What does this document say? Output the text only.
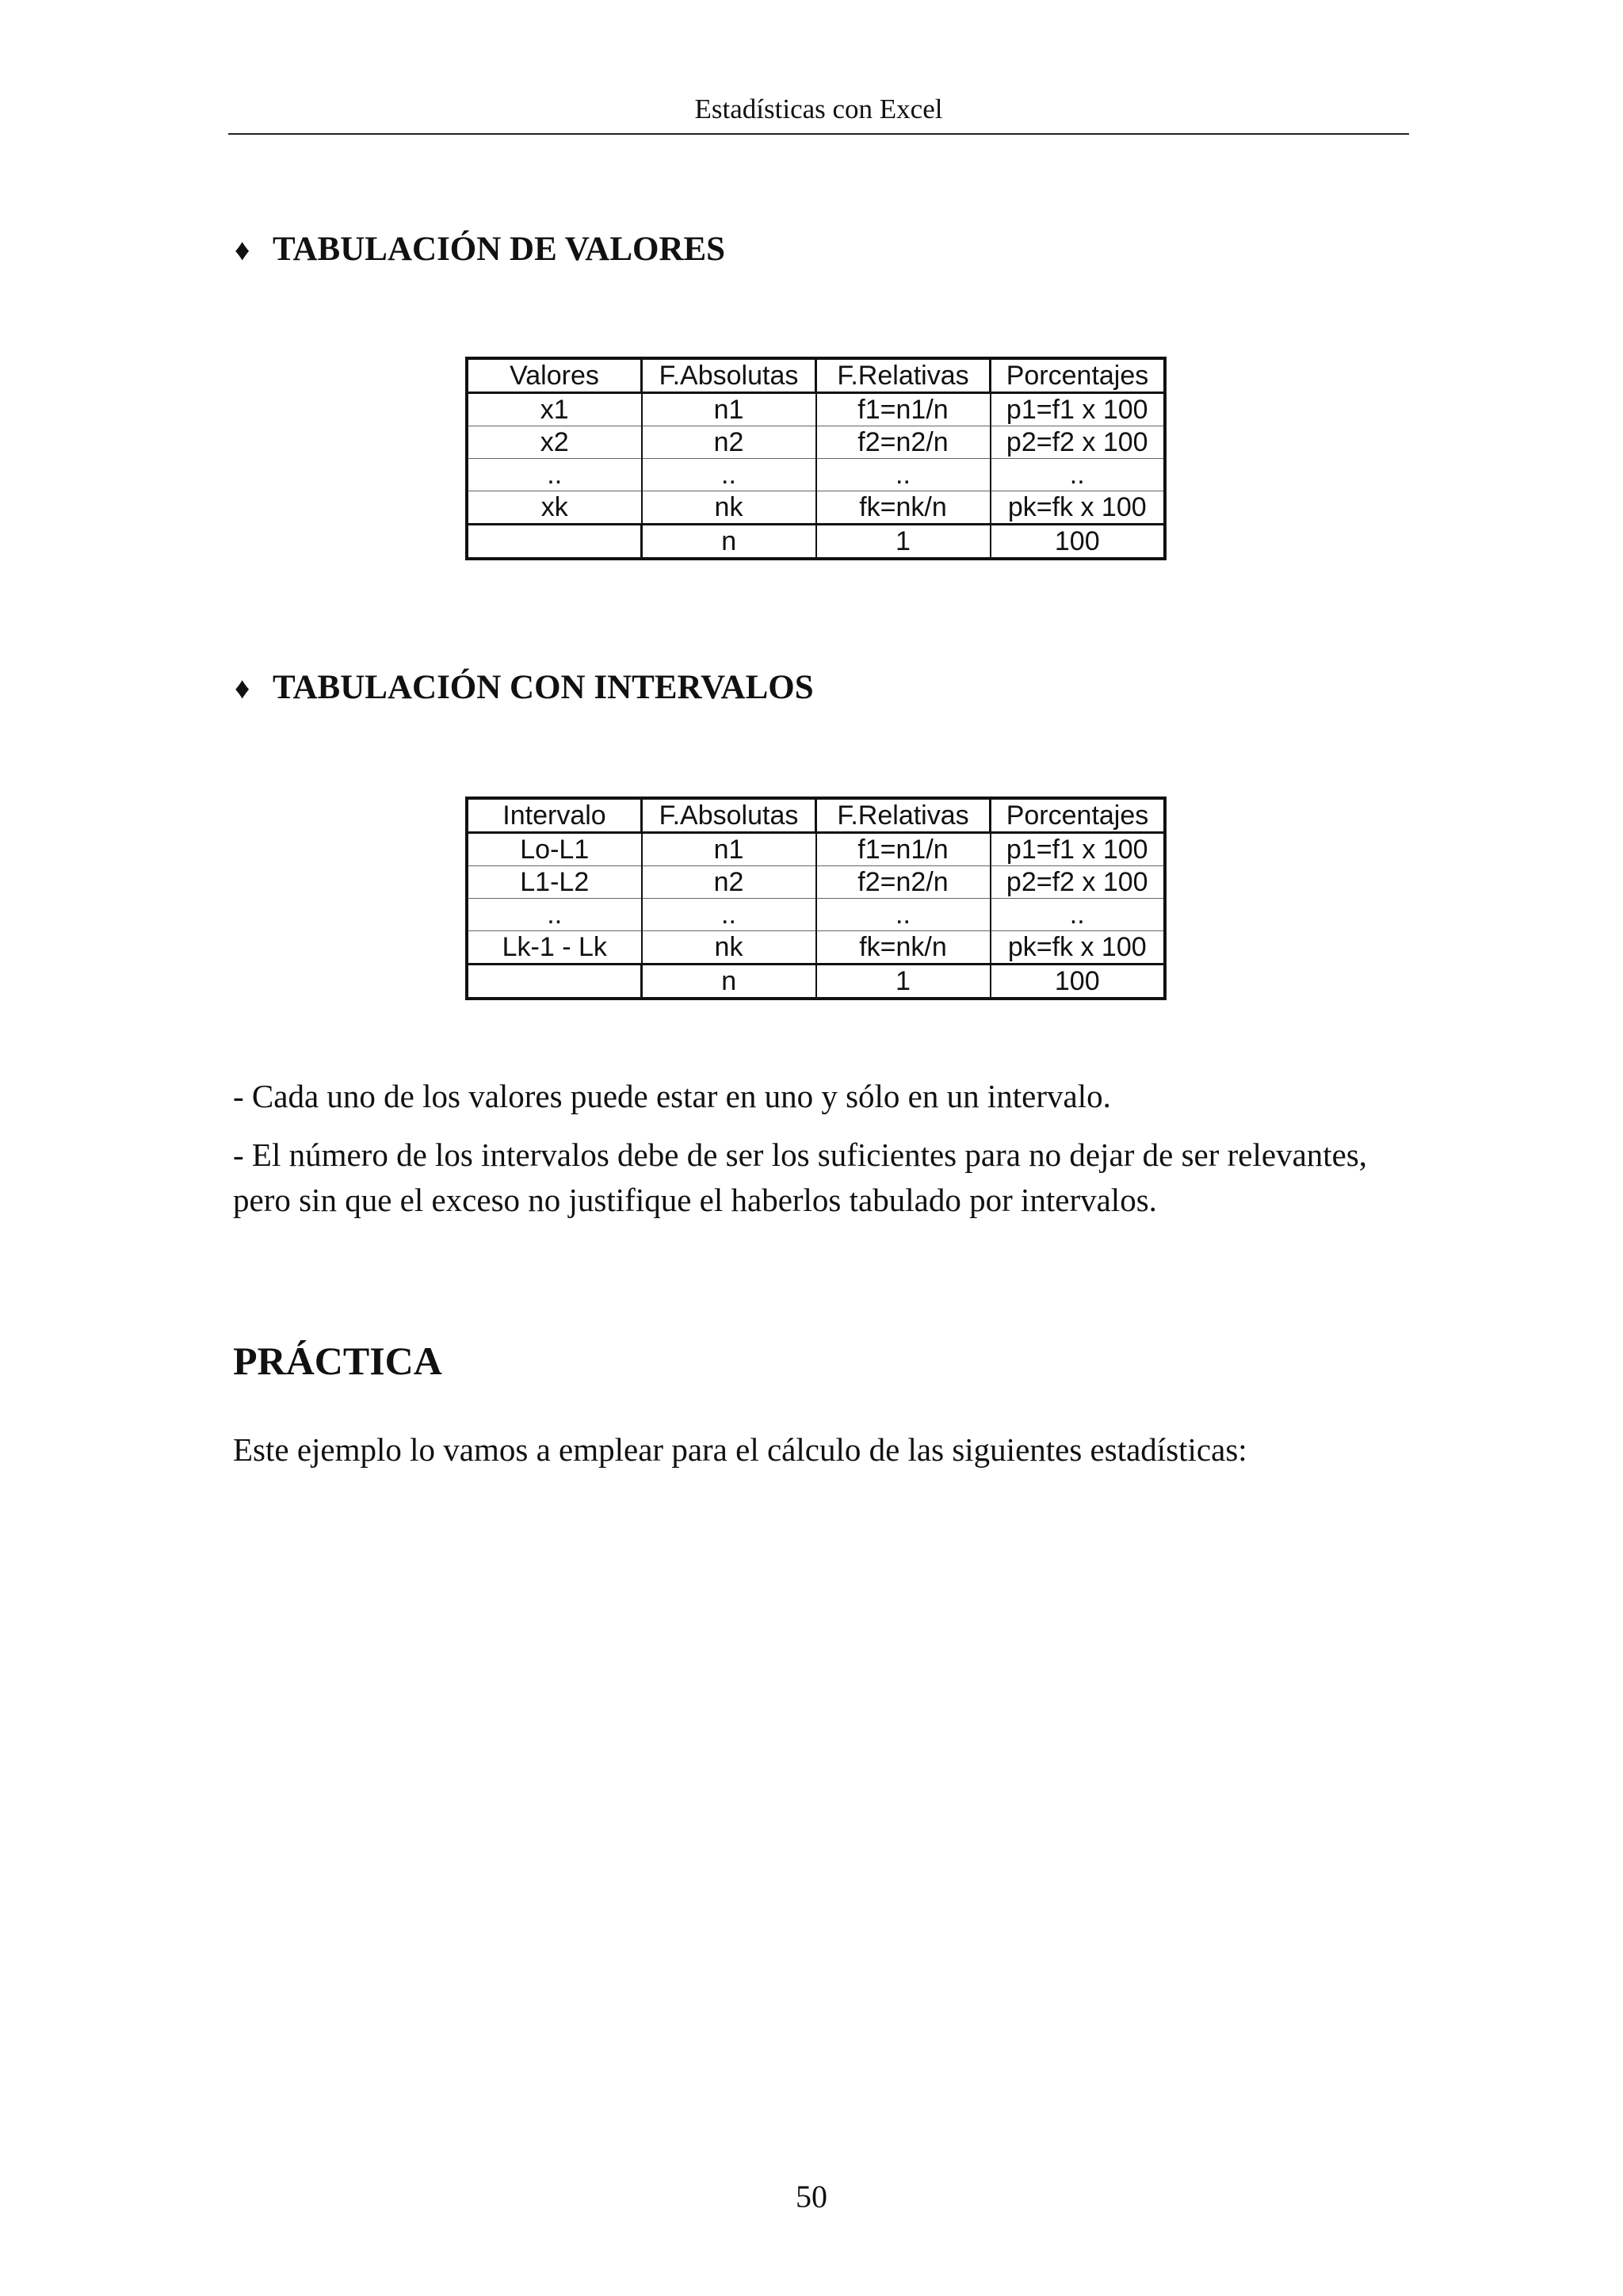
Estadísticas con Excel
♦ TABULACIÓN DE VALORES
Valores	F.Absolutas	F.Relativas	Porcentajes
x1	n1	f1=n1/n	p1=f1 x 100
x2	n2	f2=n2/n	p2=f2 x 100
..	..	..	..
xk	nk	fk=nk/n	pk=fk x 100
	n	1	100
♦ TABULACIÓN CON INTERVALOS
Intervalo	F.Absolutas	F.Relativas	Porcentajes
Lo-L1	n1	f1=n1/n	p1=f1 x 100
L1-L2	n2	f2=n2/n	p2=f2 x 100
..	..	..	..
Lk-1 - Lk	nk	fk=nk/n	pk=fk x 100
	n	1	100

- Cada uno de los valores puede estar en uno y sólo en un intervalo.

- El número de los intervalos debe de ser los suficientes para no dejar de ser relevantes, pero sin que el exceso no justifique el haberlos tabulado por intervalos.

PRÁCTICA

Este ejemplo lo vamos a emplear para el cálculo de las siguientes estadísticas:

50
